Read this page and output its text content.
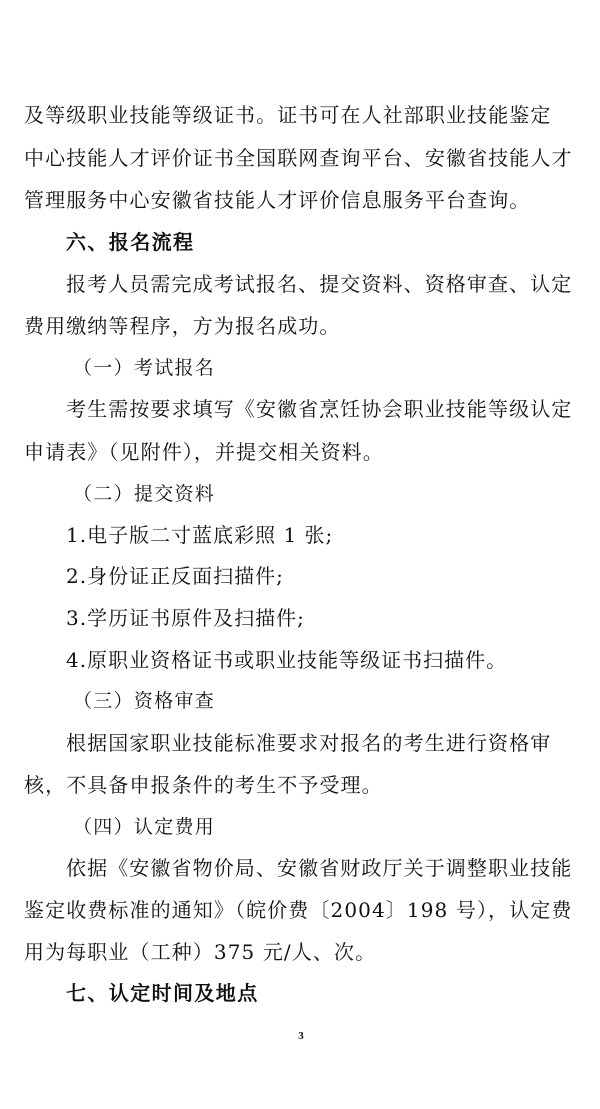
及等级职业技能等级证书。证书可在人社部职业技能鉴定
中心技能人才评价证书全国联网查询平台、安徽省技能人才
管理服务中心安徽省技能人才评价信息服务平台查询。
六、报名流程
报考人员需完成考试报名、提交资料、资格审查、认定
费用缴纳等程序，方为报名成功。
（一）考试报名
考生需按要求填写《安徽省烹饪协会职业技能等级认定
申请表》（见附件），并提交相关资料。
（二）提交资料
1.电子版二寸蓝底彩照 1 张;
2.身份证正反面扫描件;
3.学历证书原件及扫描件;
4.原职业资格证书或职业技能等级证书扫描件。
（三）资格审查
根据国家职业技能标准要求对报名的考生进行资格审
核，不具备申报条件的考生不予受理。
（四）认定费用
依据《安徽省物价局、安徽省财政厅关于调整职业技能
鉴定收费标准的通知》（皖价费〔2004〕198 号），认定费
用为每职业（工种）375 元/人、次。
七、认定时间及地点
3
